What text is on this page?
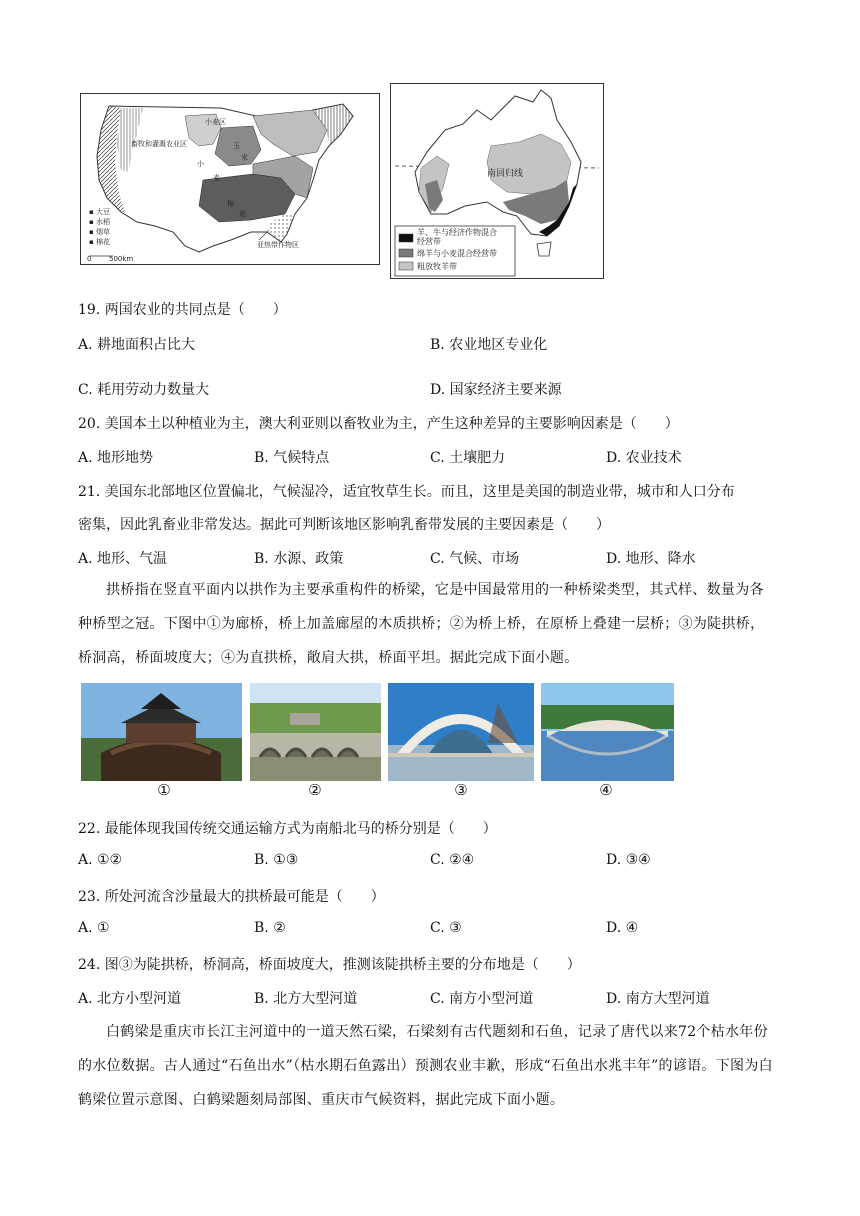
畜牧和灌溉农业区
小麦区
小
麦
玉
米
棉
花
亚热带作物区
▪ 大豆
▪ 水稻
▪ 烟草
▪ 棉花
0	500km
南回归线
羊、牛与经济作物混合
经营带
绵羊与小麦混合经营带
粗放牧羊带
19. 两国农业的共同点是（　　）
A. 耕地面积占比大	B. 农业地区专业化
C. 耗用劳动力数量大	D. 国家经济主要来源
20. 美国本土以种植业为主，澳大利亚则以畜牧业为主，产生这种差异的主要影响因素是（　　）
A. 地形地势	B. 气候特点	C. 土壤肥力	D. 农业技术
21. 美国东北部地区位置偏北，气候湿冷，适宜牧草生长。而且，这里是美国的制造业带，城市和人口分布
密集，因此乳畜业非常发达。据此可判断该地区影响乳畜带发展的主要因素是（　　）
A. 地形、气温	B. 水源、政策	C. 气候、市场	D. 地形、降水
拱桥指在竖直平面内以拱作为主要承重构件的桥梁，它是中国最常用的一种桥梁类型，其式样、数量为各种桥型之冠。下图中①为廊桥，桥上加盖廊屋的木质拱桥；②为桥上桥，在原桥上叠建一层桥；③为陡拱桥，桥洞高，桥面坡度大；④为直拱桥，敞肩大拱，桥面平坦。据此完成下面小题。
①	②	③	④
22. 最能体现我国传统交通运输方式为南船北马的桥分别是（　　）
A. ①②	B. ①③	C. ②④	D. ③④
23. 所处河流含沙量最大的拱桥最可能是（　　）
A. ①	B. ②	C. ③	D. ④
24. 图③为陡拱桥，桥洞高，桥面坡度大，推测该陡拱桥主要的分布地是（　　）
A. 北方小型河道	B. 北方大型河道	C. 南方小型河道	D. 南方大型河道
白鹤梁是重庆市长江主河道中的一道天然石梁，石梁刻有古代题刻和石鱼，记录了唐代以来72个枯水年份的水位数据。古人通过“石鱼出水”（枯水期石鱼露出）预测农业丰歉，形成“石鱼出水兆丰年”的谚语。下图为白鹤梁位置示意图、白鹤梁题刻局部图、重庆市气候资料，据此完成下面小题。
